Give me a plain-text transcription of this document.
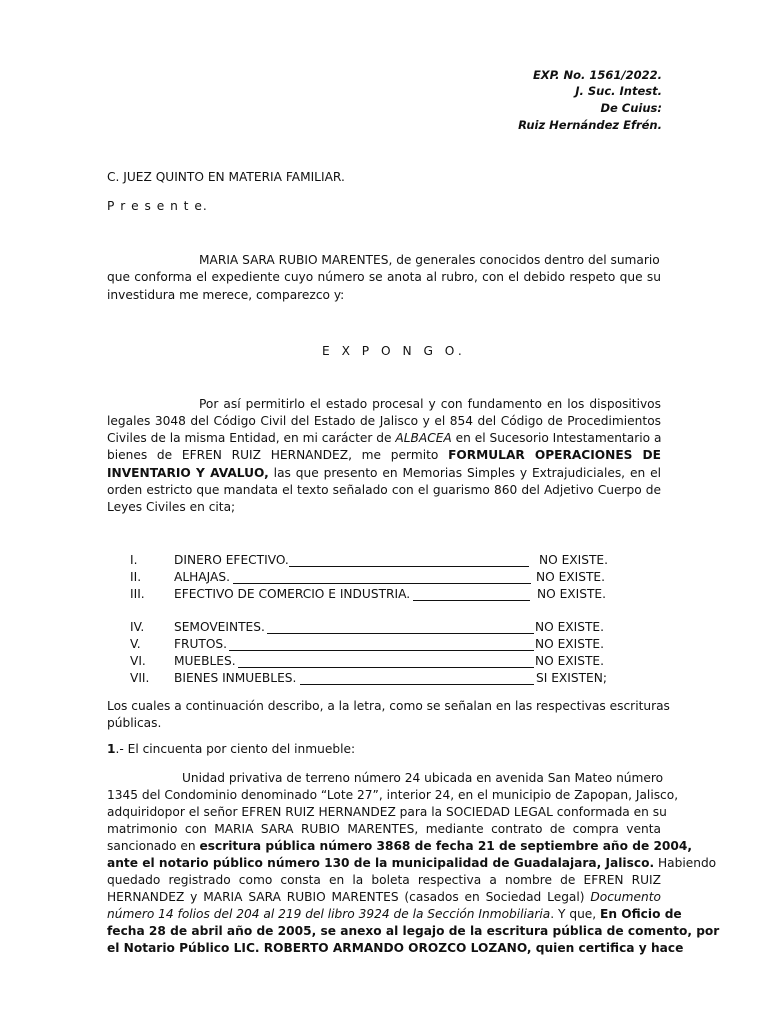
EXP. No. 1561/2022.
J. Suc. Intest.
De Cuius:
Ruiz Hernández Efrén.
C. JUEZ QUINTO EN MATERIA FAMILIAR.
P r e s e n t e.
MARIA SARA RUBIO MARENTES, de generales conocidos dentro del sumario
que conforma el expediente cuyo número se anota al rubro, con el debido respeto que su
investidura me merece, comparezco y:
E X P O N G O.
Por así permitirlo el estado procesal y con fundamento en los dispositivos
legales 3048 del Código Civil del Estado de Jalisco y el 854 del Código de Procedimientos
Civiles de la misma Entidad, en mi carácter de ALBACEA en el Sucesorio Intestamentario a
bienes de EFREN RUIZ HERNANDEZ, me permito FORMULAR OPERACIONES DE
INVENTARIO Y AVALUO, las que presento en Memorias Simples y Extrajudiciales, en el
orden estricto que mandata el texto señalado con el guarismo 860 del Adjetivo Cuerpo de
Leyes Civiles en cita;
I.	DINERO EFECTIVO.	NO EXISTE.
II.	ALHAJAS.	NO EXISTE.
III. EFECTIVO DE COMERCIO E INDUSTRIA.	NO EXISTE.
IV. SEMOVEINTES.	NO EXISTE.
V.	FRUTOS.	NO EXISTE.
VI. MUEBLES.	NO EXISTE.
VII. BIENES INMUEBLES.	SI EXISTEN;
Los cuales a continuación describo, a la letra, como se señalan en las respectivas escrituras
públicas.
1.- El cincuenta por ciento del inmueble:
Unidad privativa de terreno número 24 ubicada en avenida San Mateo número
1345 del Condominio denominado “Lote 27”, interior 24, en el municipio de Zapopan, Jalisco,
adquiridopor el señor EFREN RUIZ HERNANDEZ para la SOCIEDAD LEGAL conformada en su
matrimonio con MARIA SARA RUBIO MARENTES, mediante contrato de compra venta
sancionado en escritura pública número 3868 de fecha 21 de septiembre año de 2004,
ante el notario público número 130 de la municipalidad de Guadalajara, Jalisco. Habiendo
quedado registrado como consta en la boleta respectiva a nombre de EFREN RUIZ
HERNANDEZ y MARIA SARA RUBIO MARENTES (casados en Sociedad Legal) Documento
número 14 folios del 204 al 219 del libro 3924 de la Sección Inmobiliaria. Y que, En Oficio de
fecha 28 de abril año de 2005, se anexo al legajo de la escritura pública de comento, por
el Notario Público LIC. ROBERTO ARMANDO OROZCO LOZANO, quien certifica y hace
